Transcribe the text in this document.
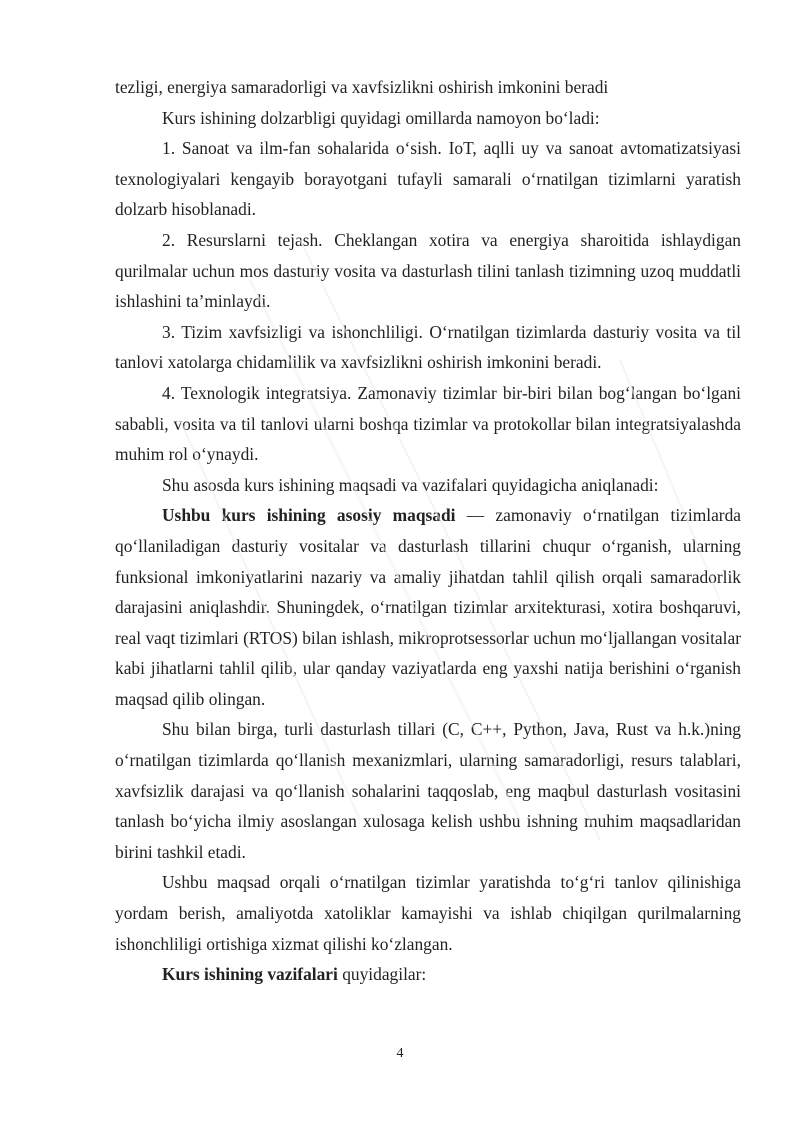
tezligi, energiya samaradorligi va xavfsizlikni oshirish imkonini beradi

Kurs ishining dolzarbligi quyidagi omillarda namoyon bo‘ladi:

1. Sanoat va ilm-fan sohalarida o‘sish. IoT, aqlli uy va sanoat avtomatizatsiyasi texnologiyalari kengayib borayotgani tufayli samarali o‘rnatilgan tizimlarni yaratish dolzarb hisoblanadi.

2. Resurslarni tejash. Cheklangan xotira va energiya sharoitida ishlaydigan qurilmalar uchun mos dasturiy vosita va dasturlash tilini tanlash tizimning uzoq muddatli ishlashini ta’minlaydi.

3. Tizim xavfsizligi va ishonchliligi. O‘rnatilgan tizimlarda dasturiy vosita va til tanlovi xatolarga chidamlilik va xavfsizlikni oshirish imkonini beradi.

4. Texnologik integratsiya. Zamonaviy tizimlar bir-biri bilan bog‘langan bo‘lgani sababli, vosita va til tanlovi ularni boshqa tizimlar va protokollar bilan integratsiyalashda muhim rol o‘ynaydi.

Shu asosda kurs ishining maqsadi va vazifalari quyidagicha aniqlanadi:

Ushbu kurs ishining asosiy maqsadi — zamonaviy o‘rnatilgan tizimlarda qo‘llaniladigan dasturiy vositalar va dasturlash tillarini chuqur o‘rganish, ularning funksional imkoniyatlarini nazariy va amaliy jihatdan tahlil qilish orqali samaradorlik darajasini aniqlashdir. Shuningdek, o‘rnatilgan tizimlar arxitekturasi, xotira boshqaruvi, real vaqt tizimlari (RTOS) bilan ishlash, mikroprotsessorlar uchun mo‘ljallangan vositalar kabi jihatlarni tahlil qilib, ular qanday vaziyatlarda eng yaxshi natija berishini o‘rganish maqsad qilib olingan.

Shu bilan birga, turli dasturlash tillari (C, C++, Python, Java, Rust va h.k.)ning o‘rnatilgan tizimlarda qo‘llanish mexanizmlari, ularning samaradorligi, resurs talablari, xavfsizlik darajasi va qo‘llanish sohalarini taqqoslab, eng maqbul dasturlash vositasini tanlash bo‘yicha ilmiy asoslangan xulosaga kelish ushbu ishning muhim maqsadlaridan birini tashkil etadi.

Ushbu maqsad orqali o‘rnatilgan tizimlar yaratishda to‘g‘ri tanlov qilinishiga yordam berish, amaliyotda xatoliklar kamayishi va ishlab chiqilgan qurilmalarning ishonchliligi ortishiga xizmat qilishi ko‘zlangan.

Kurs ishining vazifalari quyidagilar:

4
